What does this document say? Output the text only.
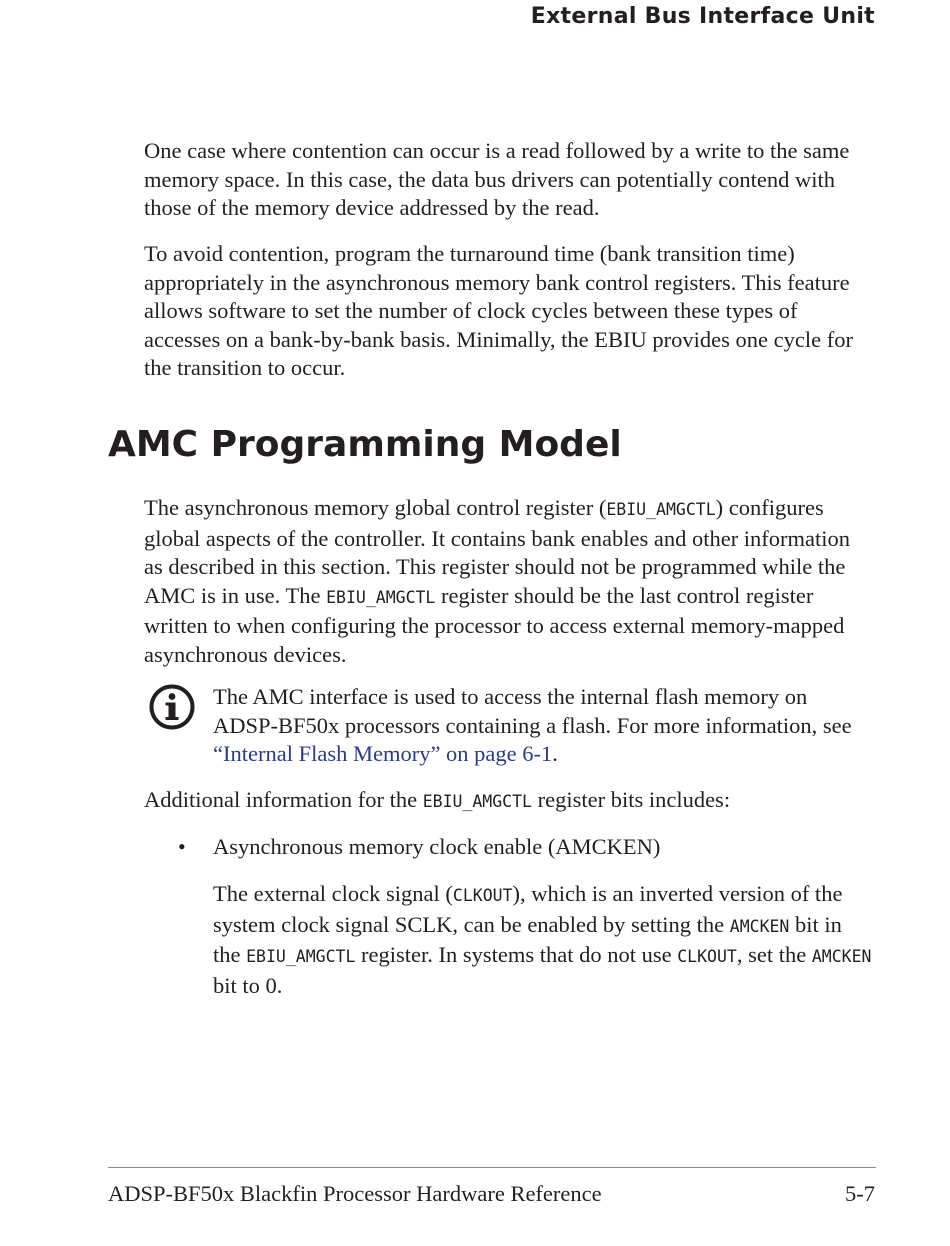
External Bus Interface Unit

One case where contention can occur is a read followed by a write to the same memory space. In this case, the data bus drivers can potentially contend with those of the memory device addressed by the read.

To avoid contention, program the turnaround time (bank transition time) appropriately in the asynchronous memory bank control registers. This feature allows software to set the number of clock cycles between these types of accesses on a bank-by-bank basis. Minimally, the EBIU provides one cycle for the transition to occur.

AMC Programming Model

The asynchronous memory global control register (EBIU_AMGCTL) configures global aspects of the controller. It contains bank enables and other information as described in this section. This register should not be programmed while the AMC is in use. The EBIU_AMGCTL register should be the last control register written to when configuring the processor to access external memory-mapped asynchronous devices.

The AMC interface is used to access the internal flash memory on ADSP-BF50x processors containing a flash. For more information, see “Internal Flash Memory” on page 6-1.

Additional information for the EBIU_AMGCTL register bits includes:

• Asynchronous memory clock enable (AMCKEN)

The external clock signal (CLKOUT), which is an inverted version of the system clock signal SCLK, can be enabled by setting the AMCKEN bit in the EBIU_AMGCTL register. In systems that do not use CLKOUT, set the AMCKEN bit to 0.

ADSP-BF50x Blackfin Processor Hardware Reference	5-7
